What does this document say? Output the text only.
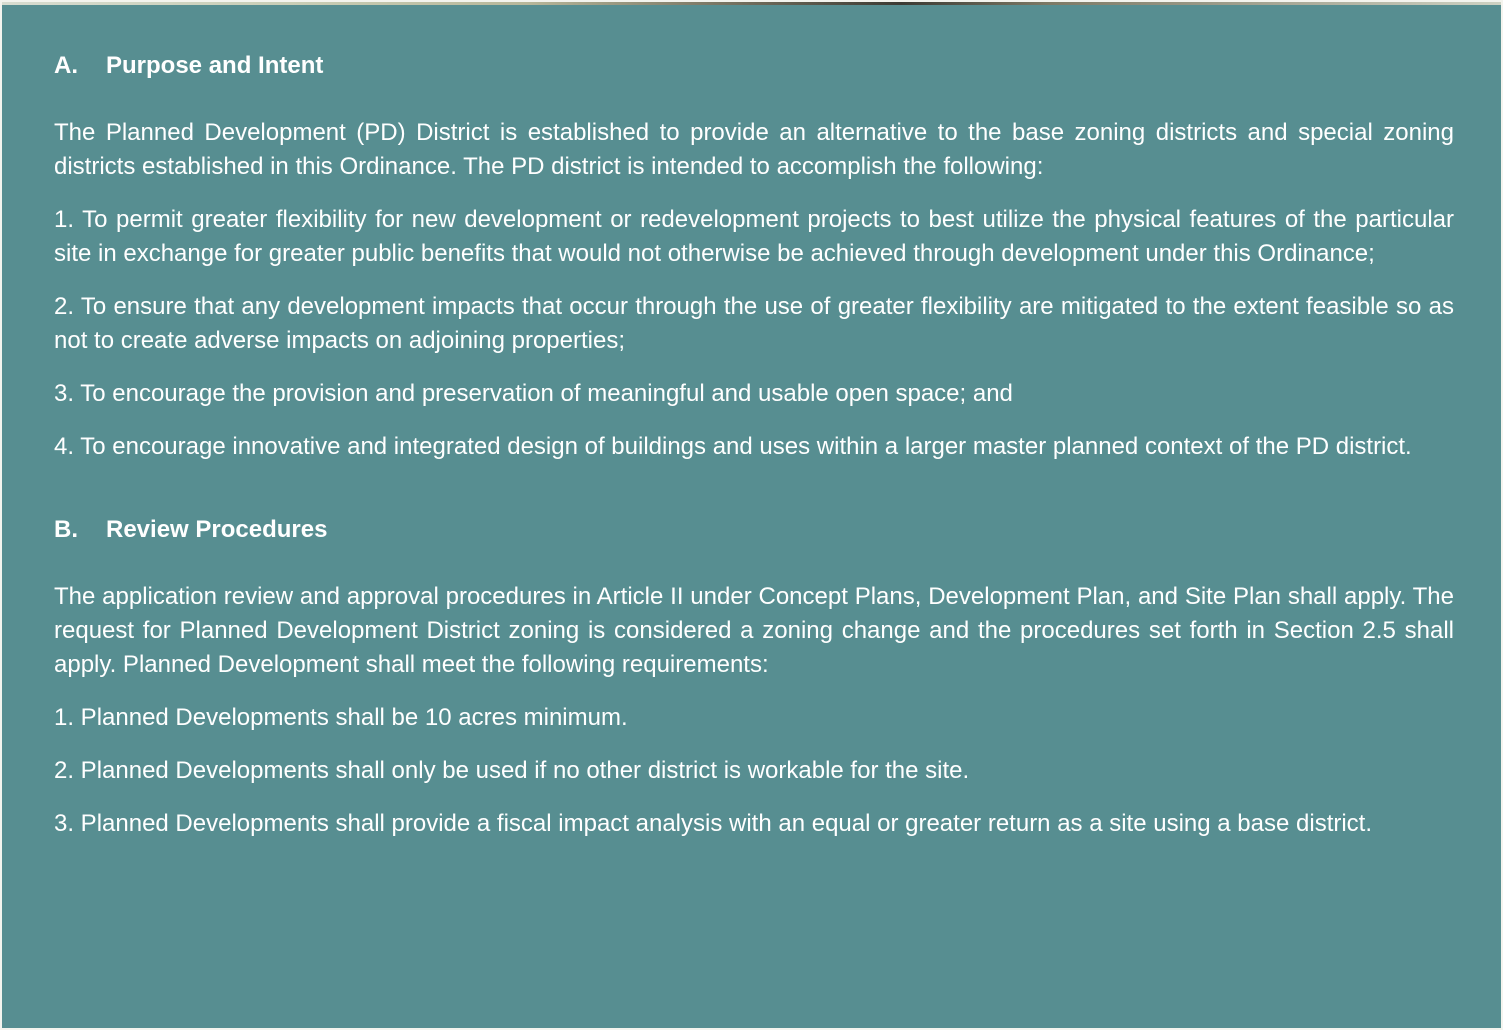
A. Purpose and Intent

The Planned Development (PD) District is established to provide an alternative to the base zoning districts and special zoning districts established in this Ordinance. The PD district is intended to accomplish the following:

1. To permit greater flexibility for new development or redevelopment projects to best utilize the physical features of the particular site in exchange for greater public benefits that would not otherwise be achieved through development under this Ordinance;

2. To ensure that any development impacts that occur through the use of greater flexibility are mitigated to the extent feasible so as not to create adverse impacts on adjoining properties;

3. To encourage the provision and preservation of meaningful and usable open space; and

4. To encourage innovative and integrated design of buildings and uses within a larger master planned context of the PD district.

B. Review Procedures

The application review and approval procedures in Article II under Concept Plans, Development Plan, and Site Plan shall apply. The request for Planned Development District zoning is considered a zoning change and the procedures set forth in Section 2.5 shall apply. Planned Development shall meet the following requirements:

1. Planned Developments shall be 10 acres minimum.

2. Planned Developments shall only be used if no other district is workable for the site.

3. Planned Developments shall provide a fiscal impact analysis with an equal or greater return as a site using a base district.
